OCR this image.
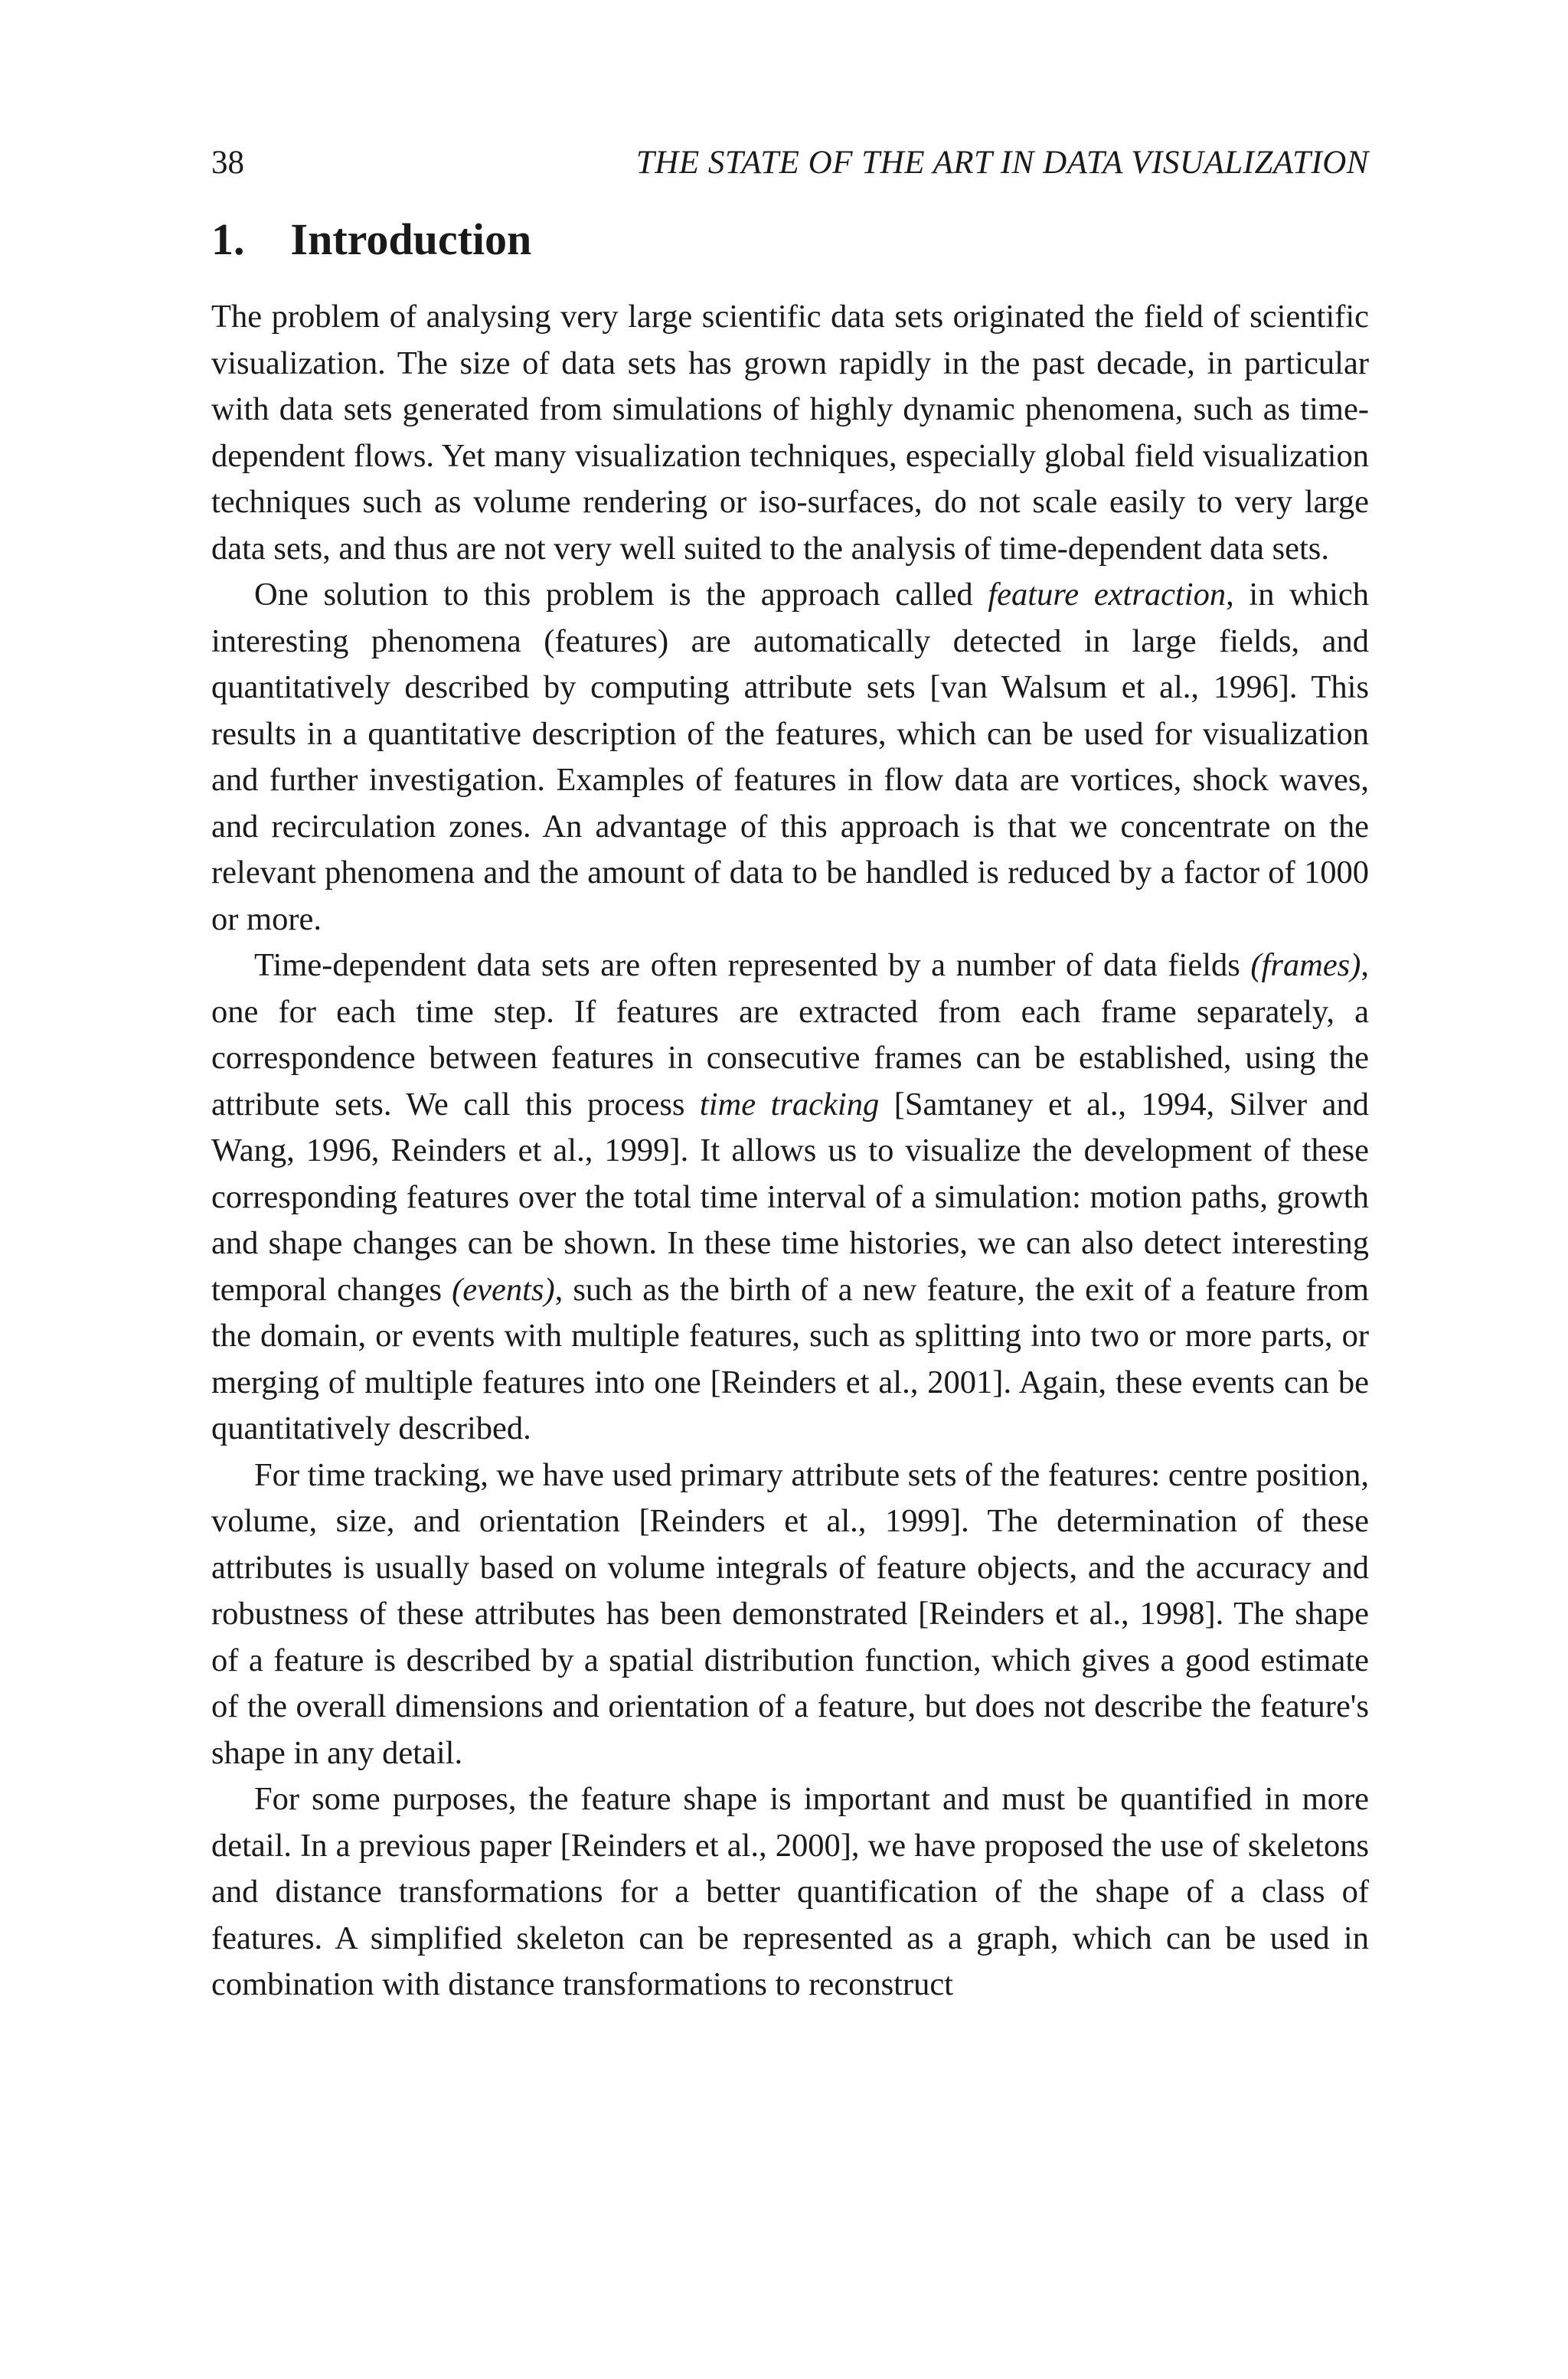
38	THE STATE OF THE ART IN DATA VISUALIZATION
1. Introduction

The problem of analysing very large scientific data sets originated the field of scientific visualization. The size of data sets has grown rapidly in the past decade, in particular with data sets generated from simulations of highly dynamic phenomena, such as time-dependent flows. Yet many visualization techniques, especially global field visualization techniques such as volume rendering or iso-surfaces, do not scale easily to very large data sets, and thus are not very well suited to the analysis of time-dependent data sets.

One solution to this problem is the approach called feature extraction, in which interesting phenomena (features) are automatically detected in large fields, and quantitatively described by computing attribute sets [van Walsum et al., 1996]. This results in a quantitative description of the features, which can be used for visualization and further investigation. Examples of features in flow data are vortices, shock waves, and recirculation zones. An advantage of this approach is that we concentrate on the relevant phenomena and the amount of data to be handled is reduced by a factor of 1000 or more.

Time-dependent data sets are often represented by a number of data fields (frames), one for each time step. If features are extracted from each frame separately, a correspondence between features in consecutive frames can be established, using the attribute sets. We call this process time tracking [Samtaney et al., 1994, Silver and Wang, 1996, Reinders et al., 1999]. It allows us to visualize the development of these corresponding features over the total time interval of a simulation: motion paths, growth and shape changes can be shown. In these time histories, we can also detect interesting temporal changes (events), such as the birth of a new feature, the exit of a feature from the domain, or events with multiple features, such as splitting into two or more parts, or merging of multiple features into one [Reinders et al., 2001]. Again, these events can be quantitatively described.

For time tracking, we have used primary attribute sets of the features: centre position, volume, size, and orientation [Reinders et al., 1999]. The determination of these attributes is usually based on volume integrals of feature objects, and the accuracy and robustness of these attributes has been demonstrated [Reinders et al., 1998]. The shape of a feature is described by a spatial distribution function, which gives a good estimate of the overall dimensions and orientation of a feature, but does not describe the feature's shape in any detail.

For some purposes, the feature shape is important and must be quantified in more detail. In a previous paper [Reinders et al., 2000], we have proposed the use of skeletons and distance transformations for a better quantification of the shape of a class of features. A simplified skeleton can be represented as a graph, which can be used in combination with distance transformations to reconstruct
